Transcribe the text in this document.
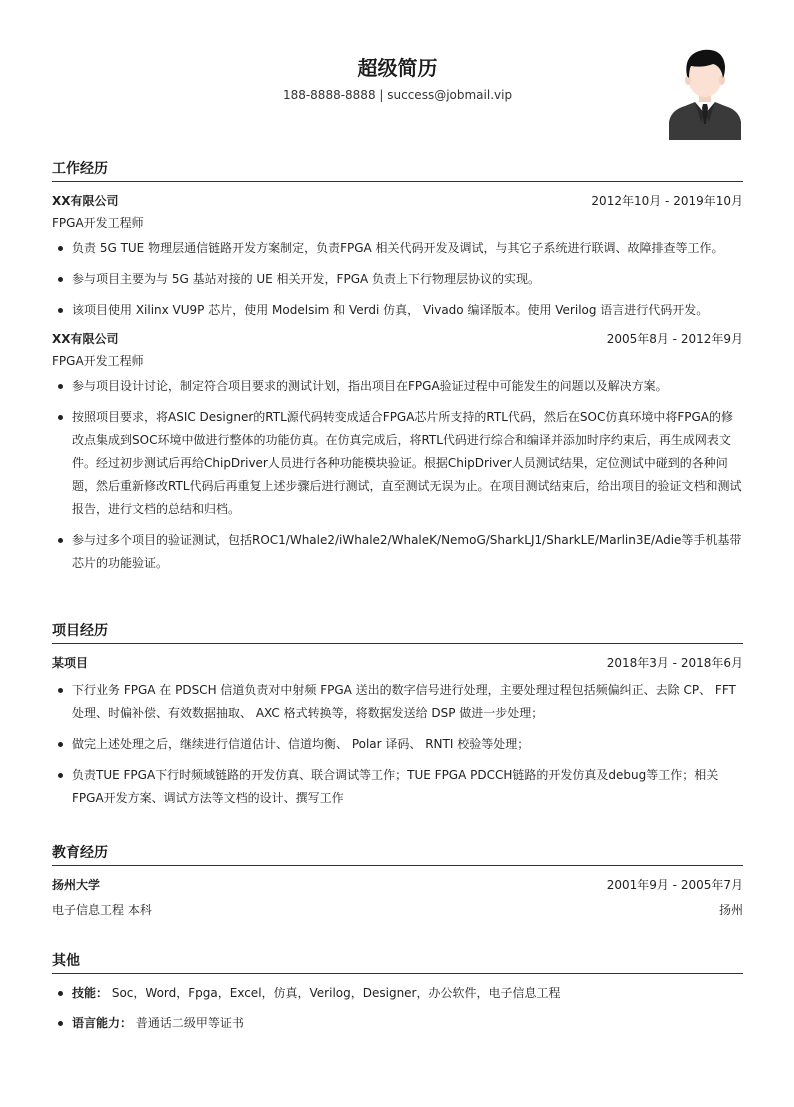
超级简历
188-8888-8888 | success@jobmail.vip
工作经历
XX有限公司	2012年10月 - 2019年10月
FPGA开发工程师
负责 5G TUE 物理层通信链路开发方案制定，负责FPGA 相关代码开发及调试，与其它子系统进行联调、故障排查等工作。
参与项目主要为与 5G 基站对接的 UE 相关开发，FPGA 负责上下行物理层协议的实现。
该项目使用 Xilinx VU9P 芯片，使用 Modelsim 和 Verdi 仿真， Vivado 编译版本。使用 Verilog 语言进行代码开发。
XX有限公司	2005年8月 - 2012年9月
FPGA开发工程师
参与项目设计讨论，制定符合项目要求的测试计划，指出项目在FPGA验证过程中可能发生的问题以及解决方案。
按照项目要求，将ASIC Designer的RTL源代码转变成适合FPGA芯片所支持的RTL代码，然后在SOC仿真环境中将FPGA的修改点集成到SOC环境中做进行整体的功能仿真。在仿真完成后，将RTL代码进行综合和编译并添加时序约束后，再生成网表文件。经过初步测试后再给ChipDriver人员进行各种功能模块验证。根据ChipDriver人员测试结果，定位测试中碰到的各种问题，然后重新修改RTL代码后再重复上述步骤后进行测试，直至测试无误为止。在项目测试结束后，给出项目的验证文档和测试报告，进行文档的总结和归档。
参与过多个项目的验证测试，包括ROC1/Whale2/iWhale2/WhaleK/NemoG/SharkLJ1/SharkLE/Marlin3E/Adie等手机基带芯片的功能验证。
项目经历
某项目	2018年3月 - 2018年6月
下行业务 FPGA 在 PDSCH 信道负责对中射频 FPGA 送出的数字信号进行处理，主要处理过程包括频偏纠正、去除 CP、 FFT处理、时偏补偿、有效数据抽取、 AXC 格式转换等，将数据发送给 DSP 做进一步处理；
做完上述处理之后，继续进行信道估计、信道均衡、 Polar 译码、 RNTI 校验等处理；
负责TUE FPGA下行时频域链路的开发仿真、联合调试等工作；TUE FPGA PDCCH链路的开发仿真及debug等工作；相关FPGA开发方案、调试方法等文档的设计、撰写工作
教育经历
扬州大学	2001年9月 - 2005年7月
电子信息工程 本科	扬州
其他
技能： Soc，Word，Fpga，Excel，仿真，Verilog，Designer，办公软件，电子信息工程
语言能力： 普通话二级甲等证书
